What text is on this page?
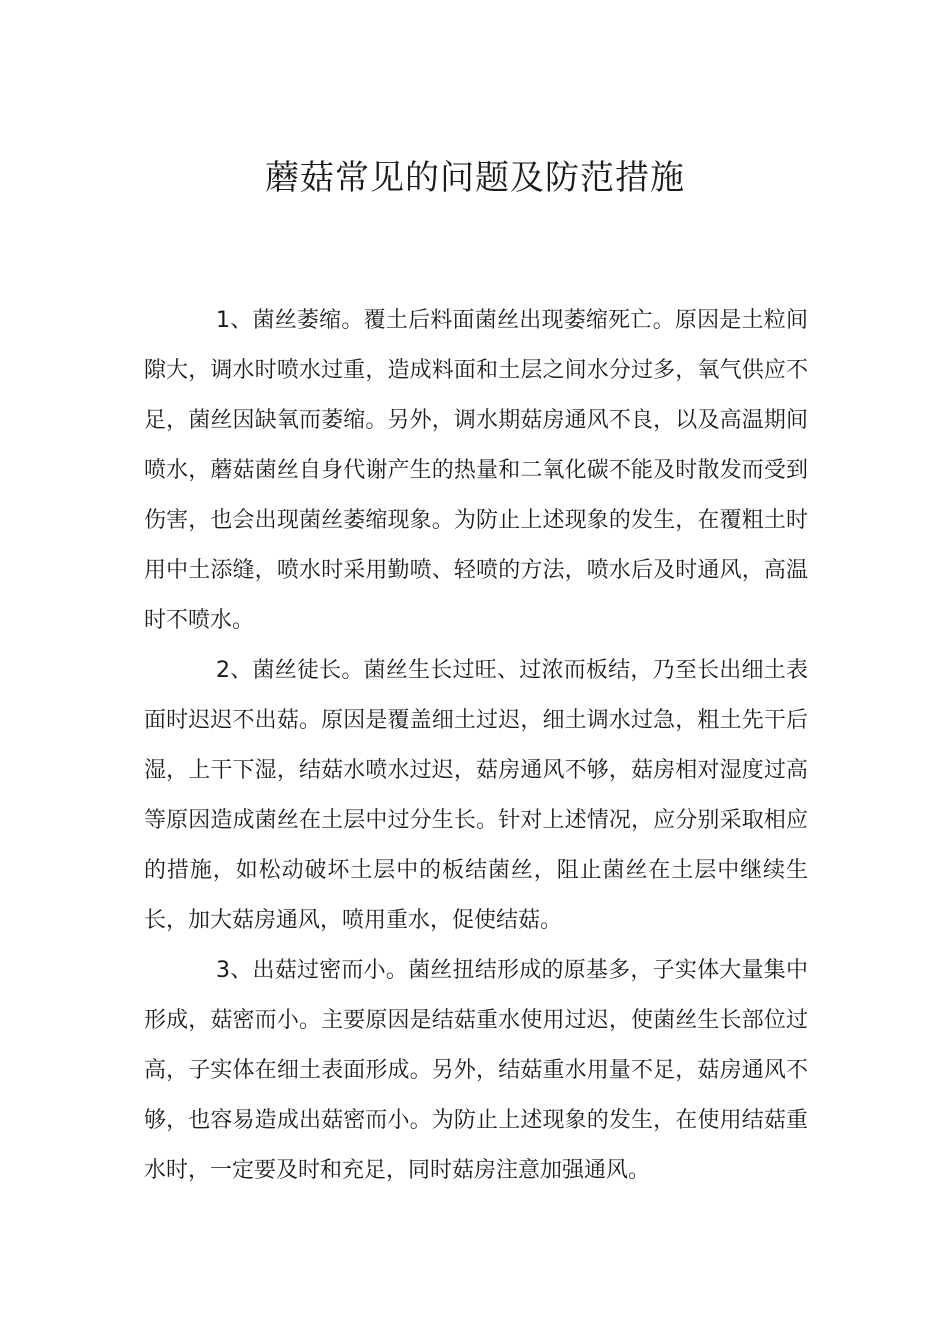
蘑菇常见的问题及防范措施

1、菌丝萎缩。覆土后料面菌丝出现萎缩死亡。原因是土粒间隙大，调水时喷水过重，造成料面和土层之间水分过多，氧气供应不足，菌丝因缺氧而萎缩。另外，调水期菇房通风不良，以及高温期间喷水，蘑菇菌丝自身代谢产生的热量和二氧化碳不能及时散发而受到伤害，也会出现菌丝萎缩现象。为防止上述现象的发生，在覆粗土时用中土添缝，喷水时采用勤喷、轻喷的方法，喷水后及时通风，高温时不喷水。

2、菌丝徒长。菌丝生长过旺、过浓而板结，乃至长出细土表面时迟迟不出菇。原因是覆盖细土过迟，细土调水过急，粗土先干后湿，上干下湿，结菇水喷水过迟，菇房通风不够，菇房相对湿度过高等原因造成菌丝在土层中过分生长。针对上述情况，应分别采取相应的措施，如松动破坏土层中的板结菌丝，阻止菌丝在土层中继续生长，加大菇房通风，喷用重水，促使结菇。

3、出菇过密而小。菌丝扭结形成的原基多，子实体大量集中形成，菇密而小。主要原因是结菇重水使用过迟，使菌丝生长部位过高，子实体在细土表面形成。另外，结菇重水用量不足，菇房通风不够，也容易造成出菇密而小。为防止上述现象的发生，在使用结菇重水时，一定要及时和充足，同时菇房注意加强通风。
